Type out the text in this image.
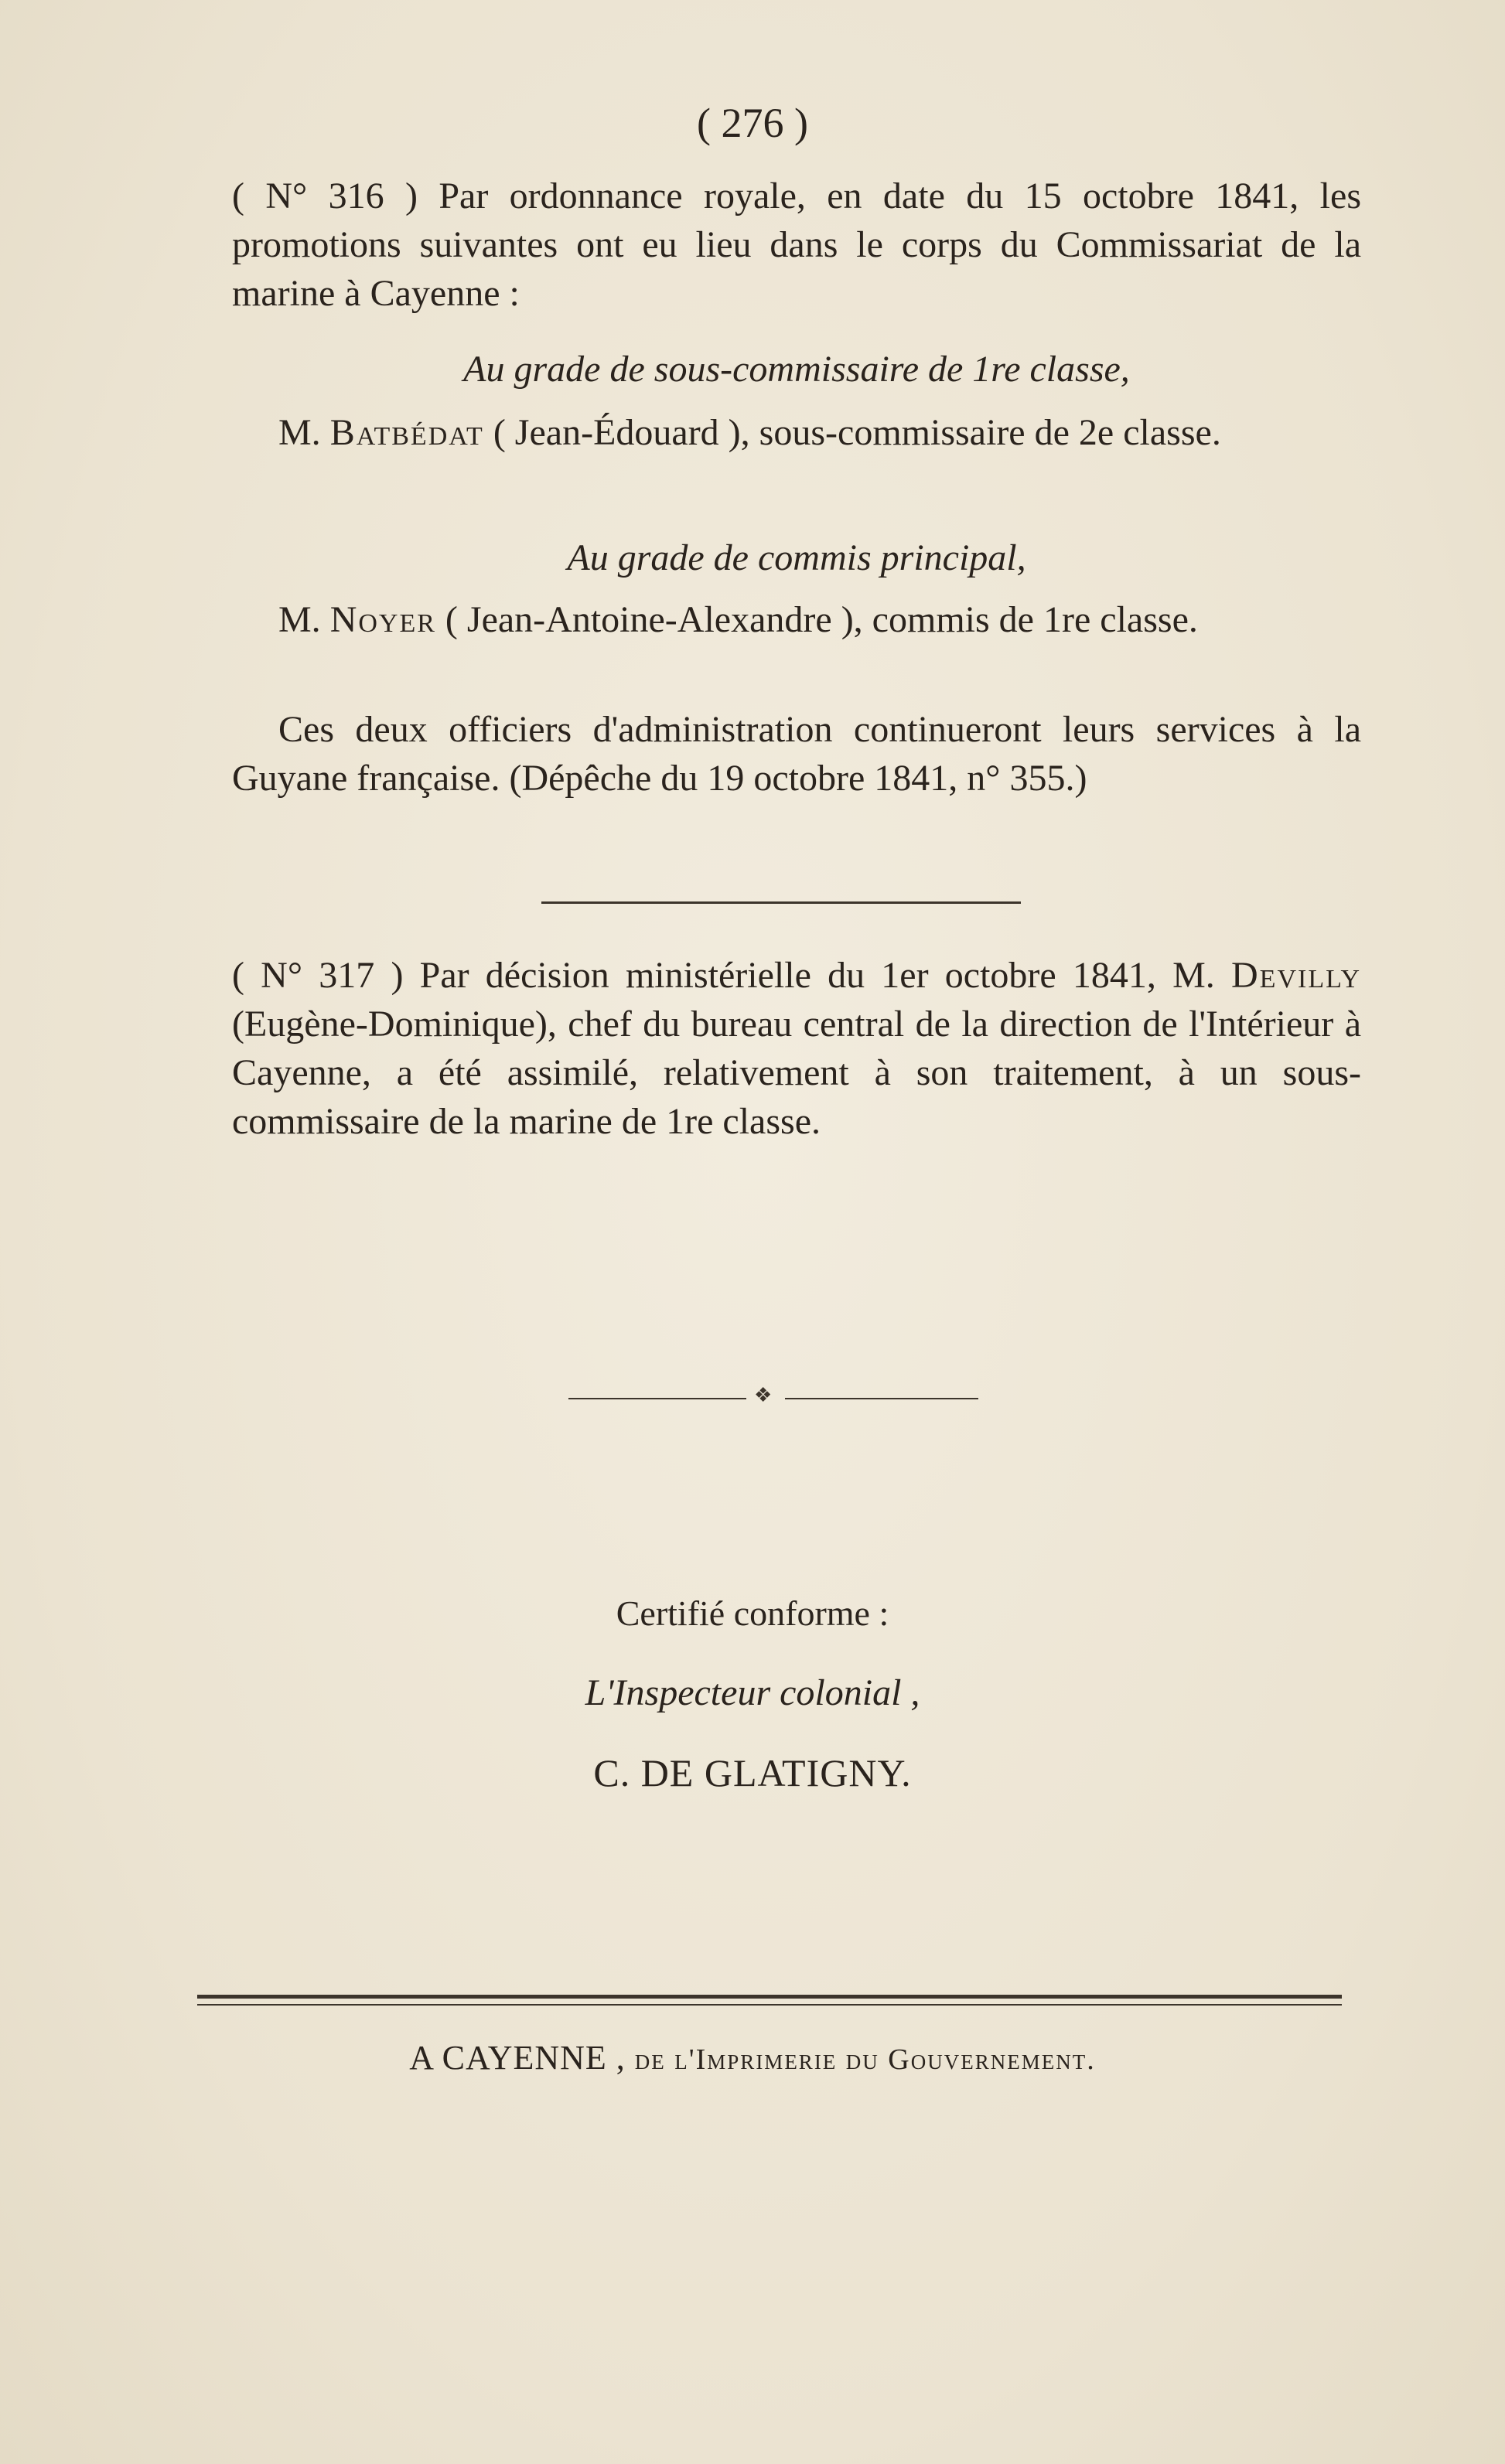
( 276 )

( N° 316 ) Par ordonnance royale, en date du 15 octobre 1841, les promotions suivantes ont eu lieu dans le corps du Commissariat de la marine à Cayenne :

Au grade de sous-commissaire de 1re classe,

M. Batbédat ( Jean-Édouard ), sous-commissaire de 2e classe.

Au grade de commis principal,

M. Noyer ( Jean-Antoine-Alexandre ), commis de 1re classe.

Ces deux officiers d'administration continueront leurs services à la Guyane française. (Dépêche du 19 octobre 1841, n° 355.)

( N° 317 ) Par décision ministérielle du 1er octobre 1841, M. Devilly (Eugène-Dominique), chef du bureau central de la direction de l'Intérieur à Cayenne, a été assimilé, relativement à son traitement, à un sous-commissaire de la marine de 1re classe.

❖
Certifié conforme :
L'Inspecteur colonial ,
C. DE GLATIGNY.
A CAYENNE , de l'Imprimerie du Gouvernement.
